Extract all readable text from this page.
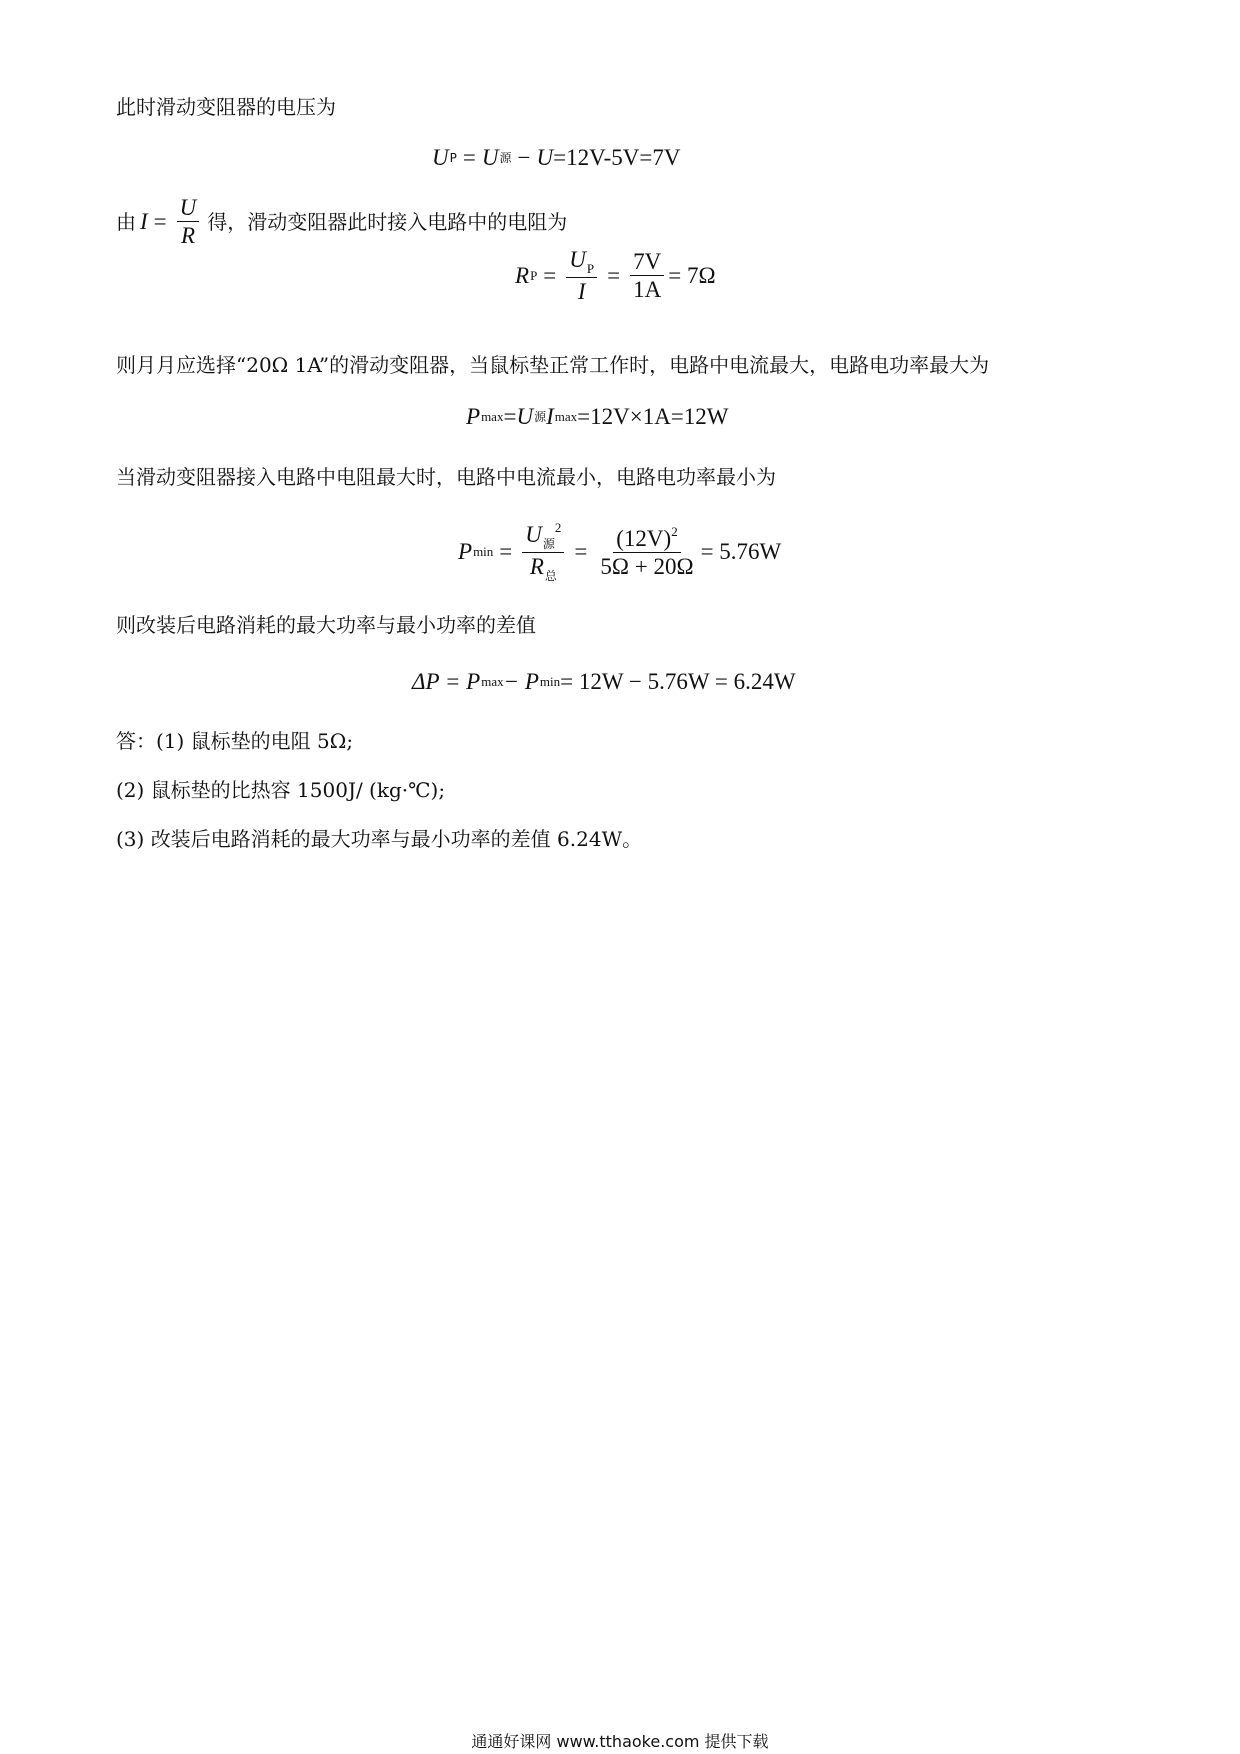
此时滑动变阻器的电压为
U P = U 源 − U =12V-5V=7V
由 $I = \frac{U}{R}$ 得，滑动变阻器此时接入电路中的电阻为
R $P = \frac{U_P}{I} = \frac{7V}{1A} = 7\Omega$
则月月应选择“20Ω 1A”的滑动变阻器，当鼠标垫正常工作时，电路中电流最大，电路电功率最大为
P max = U 源 I max =12V×1A=12W
当滑动变阻器接入电路中电阻最大时，电路中电流最小，电路电功率最小为
P $\min = \frac{U_源^2}{R_总} = \frac{(12V)^2}{5\Omega + 20\Omega} = 5.76W$
则改装后电路消耗的最大功率与最小功率的差值
ΔP = P max − P min = 12W − 5.76W = 6.24W
答：(1) 鼠标垫的电阻 5Ω;
(2) 鼠标垫的比热容 1500J/ (kg·℃);
(3) 改装后电路消耗的最大功率与最小功率的差值 6.24W。
通通好课网 www.tthaoke.com 提供下载
